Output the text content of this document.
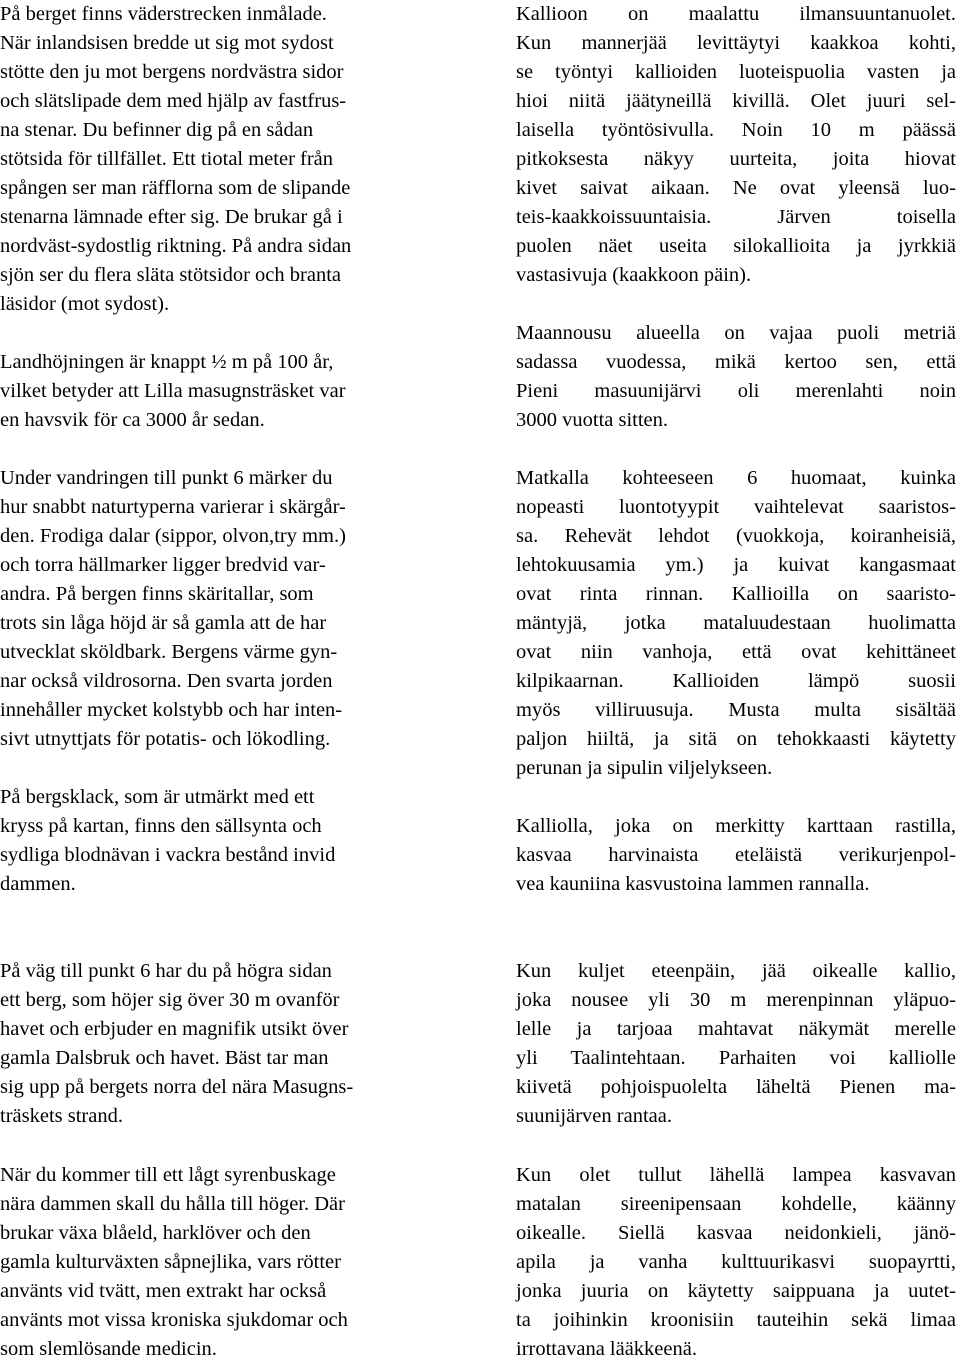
På berget finns väderstrecken inmålade.
När inlandsisen bredde ut sig mot sydost
stötte den ju mot bergens nordvästra sidor
och slätslipade dem med hjälp av fastfrus-
na stenar. Du befinner dig på en sådan
stötsida för tillfället. Ett tiotal meter från
spången ser man räfflorna som de slipande
stenarna lämnade efter sig. De brukar gå i
nordväst-sydostlig riktning. På andra sidan
sjön ser du flera släta stötsidor och branta
läsidor (mot sydost).
Landhöjningen är knappt ½ m på 100 år,
vilket betyder att Lilla masugnsträsket var
en havsvik för ca 3000 år sedan.
Under vandringen till punkt 6 märker du
hur snabbt naturtyperna varierar i skärgår-
den. Frodiga dalar (sippor, olvon,try mm.)
och torra hällmarker ligger bredvid var-
andra. På bergen finns skäritallar, som
trots sin låga höjd är så gamla att de har
utvecklat sköldbark. Bergens värme gyn-
nar också vildrosorna. Den svarta jorden
innehåller mycket kolstybb och har inten-
sivt utnyttjats för potatis- och lökodling.
På bergsklack, som är utmärkt med ett
kryss på kartan, finns den sällsynta och
sydliga blodnävan i vackra bestånd invid
dammen.
På väg till punkt 6 har du på högra sidan
ett berg, som höjer sig över 30 m ovanför
havet och erbjuder en magnifik utsikt över
gamla Dalsbruk och havet. Bäst tar man
sig upp på bergets norra del nära Masugns-
träskets strand.
När du kommer till ett lågt syrenbuskage
nära dammen skall du hålla till höger. Där
brukar växa blåeld, harklöver och den
gamla kulturväxten såpnejlika, vars rötter
använts vid tvätt, men extrakt har också
använts mot vissa kroniska sjukdomar och
som slemlösande medicin.
Kallioon on maalattu ilmansuuntanuolet.
Kun mannerjää levittäytyi kaakkoa kohti,
se työntyi kallioiden luoteispuolia vasten ja
hioi niitä jäätyneillä kivillä. Olet juuri sel-
laisella työntösivulla. Noin 10 m päässä
pitkoksesta näkyy uurteita, joita hiovat
kivet saivat aikaan. Ne ovat yleensä luo-
teis-kaakkoissuuntaisia. Järven toisella
puolen näet useita silokallioita ja jyrkkiä
vastasivuja (kaakkoon päin).
Maannousu alueella on vajaa puoli metriä
sadassa vuodessa, mikä kertoo sen, että
Pieni masuunijärvi oli merenlahti noin
3000 vuotta sitten.
Matkalla kohteeseen 6 huomaat, kuinka
nopeasti luontotyypit vaihtelevat saaristos-
sa. Rehevät lehdot (vuokkoja, koiranheisiä,
lehtokuusamia ym.) ja kuivat kangasmaat
ovat rinta rinnan. Kallioilla on saaristo-
mäntyjä, jotka mataluudestaan huolimatta
ovat niin vanhoja, että ovat kehittäneet
kilpikaarnan. Kallioiden lämpö suosii
myös villiruusuja. Musta multa sisältää
paljon hiiltä, ja sitä on tehokkaasti käytetty
perunan ja sipulin viljelykseen.
Kalliolla, joka on merkitty karttaan rastilla,
kasvaa harvinaista eteläistä verikurjenpol-
vea kauniina kasvustoina lammen rannalla.
Kun kuljet eteenpäin, jää oikealle kallio,
joka nousee yli 30 m merenpinnan yläpuo-
lelle ja tarjoaa mahtavat näkymät merelle
yli Taalintehtaan. Parhaiten voi kalliolle
kiivetä pohjoispuolelta läheltä Pienen ma-
suunijärven rantaa.
Kun olet tullut lähellä lampea kasvavan
matalan sireenipensaan kohdelle, käänny
oikealle. Siellä kasvaa neidonkieli, jänö-
apila ja vanha kulttuurikasvi suopayrtti,
jonka juuria on käytetty saippuana ja uutet-
ta joihinkin kroonisiin tauteihin sekä limaa
irrottavana lääkkeenä.
